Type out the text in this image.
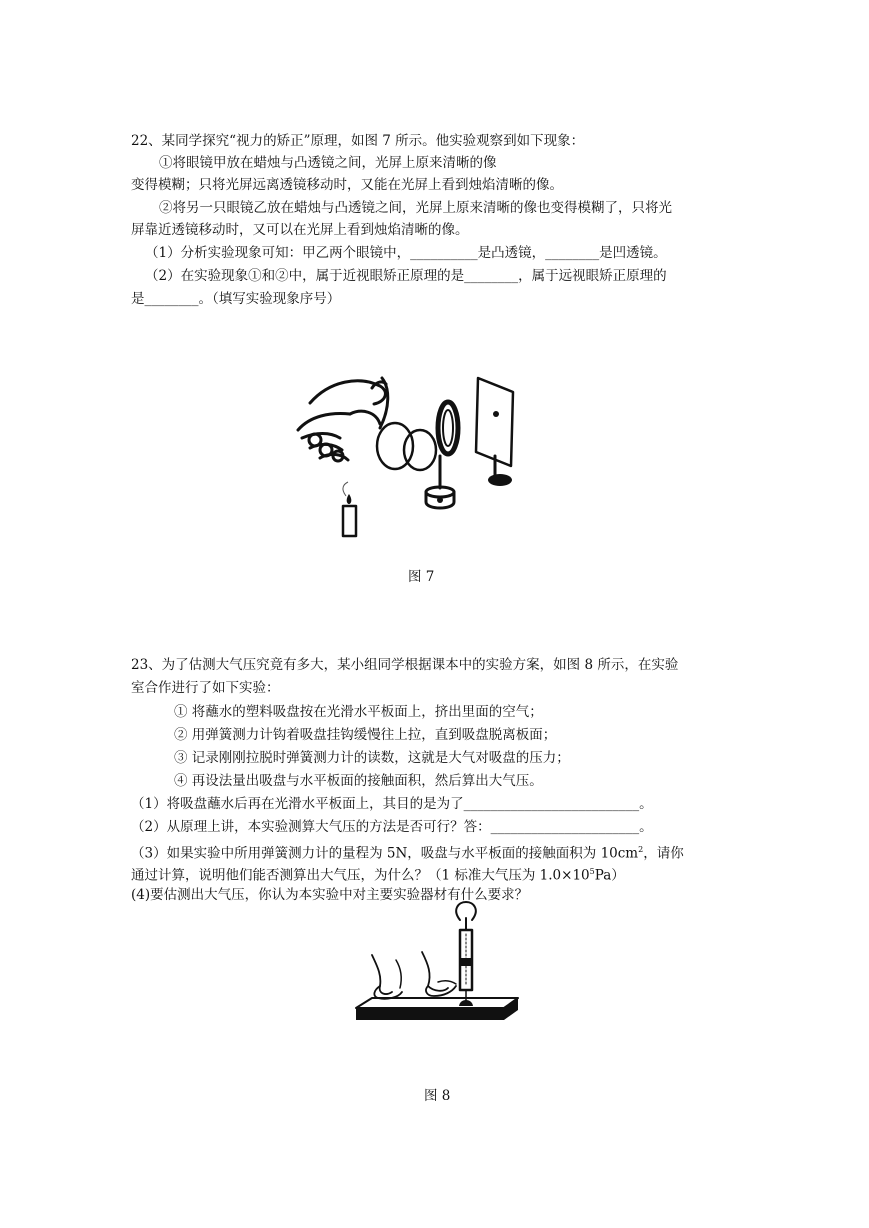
22、某同学探究“视力的矫正”原理，如图 7 所示。他实验观察到如下现象：
①将眼镜甲放在蜡烛与凸透镜之间，光屏上原来清晰的像
变得模糊；只将光屏远离透镜移动时，又能在光屏上看到烛焰清晰的像。
②将另一只眼镜乙放在蜡烛与凸透镜之间，光屏上原来清晰的像也变得模糊了，只将光
屏靠近透镜移动时，又可以在光屏上看到烛焰清晰的像。
（1）分析实验现象可知：甲乙两个眼镜中，__________是凸透镜，________是凹透镜。
（2）在实验现象①和②中，属于近视眼矫正原理的是________，属于远视眼矫正原理的
是________。（填写实验现象序号）
图 7
23、为了估测大气压究竟有多大，某小组同学根据课本中的实验方案，如图 8 所示，在实验
室合作进行了如下实验：
① 将蘸水的塑料吸盘按在光滑水平板面上，挤出里面的空气；
② 用弹簧测力计钩着吸盘挂钩缓慢往上拉，直到吸盘脱离板面；
③ 记录刚刚拉脱时弹簧测力计的读数，这就是大气对吸盘的压力；
④ 再设法量出吸盘与水平板面的接触面积，然后算出大气压。
（1）将吸盘蘸水后再在光滑水平板面上，其目的是为了__________________________。
（2）从原理上讲，本实验测算大气压的方法是否可行？答：______________________。
（3）如果实验中所用弹簧测力计的量程为 5N，吸盘与水平板面的接触面积为 $10cm^2$，请你
通过计算，说明他们能否测算出大气压，为什么？（1 标准大气压为 $1.0\times 10^5Pa$）
(4)要估测出大气压，你认为本实验中对主要实验器材有什么要求？
图 8
